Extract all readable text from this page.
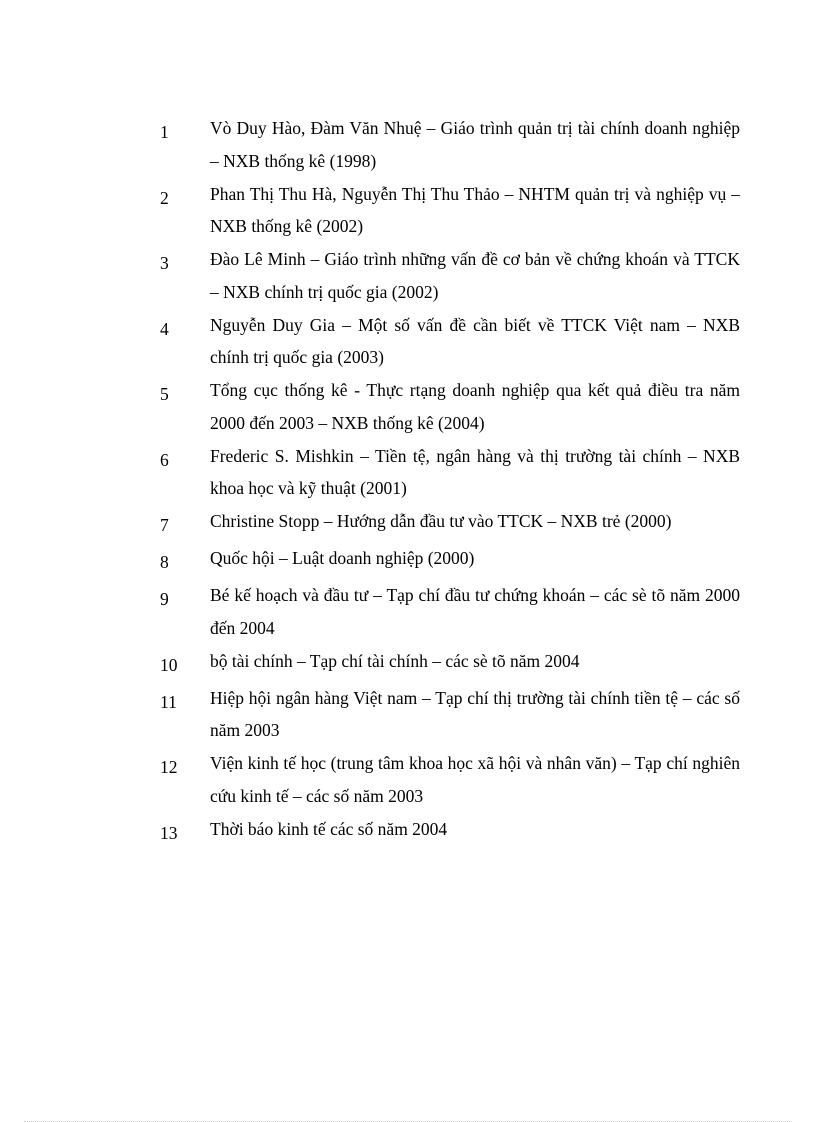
1	Vò Duy Hào, Đàm Văn Nhuệ – Giáo trình quản trị tài chính doanh nghiệp – NXB thống kê (1998)
2	Phan Thị Thu Hà, Nguyễn Thị Thu Thảo – NHTM quản trị và nghiệp vụ – NXB thống kê (2002)
3	Đào Lê Minh – Giáo trình những vấn đề cơ bản về chứng khoán và TTCK – NXB chính trị quốc gia (2002)
4	Nguyễn Duy Gia – Một số vấn đề cần biết về TTCK Việt nam – NXB chính trị quốc gia (2003)
5	Tổng cục thống kê - Thực rtạng doanh nghiệp qua kết quả điều tra năm 2000 đến 2003 – NXB thống kê (2004)
6	Frederic S. Mishkin – Tiền tệ, ngân hàng và thị trường tài chính – NXB khoa học và kỹ thuật (2001)
7	Christine Stopp – Hướng dẫn đầu tư vào TTCK – NXB trẻ (2000)
8	Quốc hội – Luật doanh nghiệp (2000)
9	Bé kế hoạch và đầu tư – Tạp chí đầu tư chứng khoán – các sè tõ năm 2000 đến 2004
10	bộ tài chính – Tạp chí tài chính – các sè tõ năm 2004
11	Hiệp hội ngân hàng Việt nam – Tạp chí thị trường tài chính tiền tệ – các số năm 2003
12	Viện kinh tế học (trung tâm khoa học xã hội và nhân văn) – Tạp chí nghiên cứu kinh tế – các số năm 2003
13	Thời báo kinh tế các số năm 2004
